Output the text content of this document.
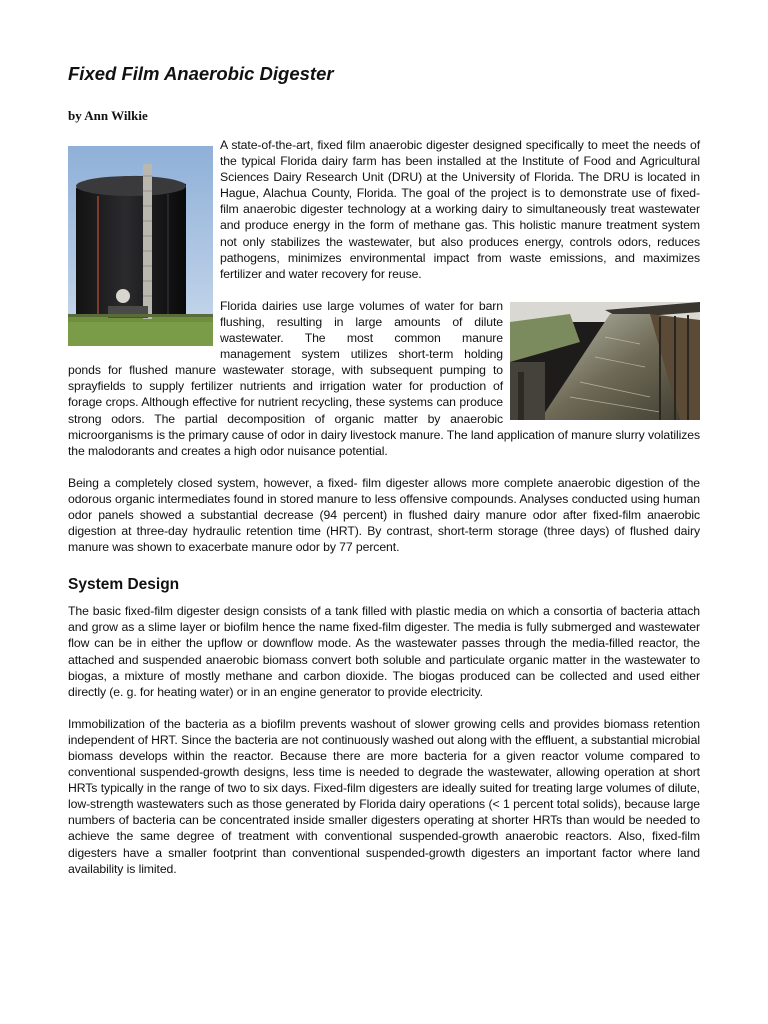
Fixed Film Anaerobic Digester
by Ann Wilkie

A state-of-the-art, fixed film anaerobic digester designed specifically to meet the needs of the typical Florida dairy farm has been installed at the Institute of Food and Agricultural Sciences Dairy Research Unit (DRU) at the University of Florida. The DRU is located in Hague, Alachua County, Florida. The goal of the project is to demonstrate use of fixed- film anaerobic digester technology at a working dairy to simultaneously treat wastewater and produce energy in the form of methane gas. This holistic manure treatment system not only stabilizes the wastewater, but also produces energy, controls odors, reduces pathogens, minimizes environmental impact from waste emissions, and maximizes fertilizer and water recovery for reuse.

Florida dairies use large volumes of water for barn flushing, resulting in large amounts of dilute wastewater. The most common manure management system utilizes short-term holding ponds for flushed manure wastewater storage, with subsequent pumping to sprayfields to supply fertilizer nutrients and irrigation water for production of forage crops. Although effective for nutrient recycling, these systems can produce strong odors. The partial decomposition of organic matter by anaerobic microorganisms is the primary cause of odor in dairy livestock manure. The land application of manure slurry volatilizes the malodorants and creates a high odor nuisance potential.

Being a completely closed system, however, a fixed- film digester allows more complete anaerobic digestion of the odorous organic intermediates found in stored manure to less offensive compounds. Analyses conducted using human odor panels showed a substantial decrease (94 percent) in flushed dairy manure odor after fixed-film anaerobic digestion at three-day hydraulic retention time (HRT). By contrast, short-term storage (three days) of flushed dairy manure was shown to exacerbate manure odor by 77 percent.

System Design

The basic fixed-film digester design consists of a tank filled with plastic media on which a consortia of bacteria attach and grow as a slime layer or biofilm hence the name fixed-film digester. The media is fully submerged and wastewater flow can be in either the upflow or downflow mode. As the wastewater passes through the media-filled reactor, the attached and suspended anaerobic biomass convert both soluble and particulate organic matter in the wastewater to biogas, a mixture of mostly methane and carbon dioxide. The biogas produced can be collected and used either directly (e. g. for heating water) or in an engine generator to provide electricity.

Immobilization of the bacteria as a biofilm prevents washout of slower growing cells and provides biomass retention independent of HRT. Since the bacteria are not continuously washed out along with the effluent, a substantial microbial biomass develops within the reactor. Because there are more bacteria for a given reactor volume compared to conventional suspended-growth designs, less time is needed to degrade the wastewater, allowing operation at short HRTs typically in the range of two to six days. Fixed-film digesters are ideally suited for treating large volumes of dilute, low-strength wastewaters such as those generated by Florida dairy operations (< 1 percent total solids), because large numbers of bacteria can be concentrated inside smaller digesters operating at shorter HRTs than would be needed to achieve the same degree of treatment with conventional suspended-growth anaerobic reactors. Also, fixed-film digesters have a smaller footprint than conventional suspended-growth digesters an important factor where land availability is limited.
